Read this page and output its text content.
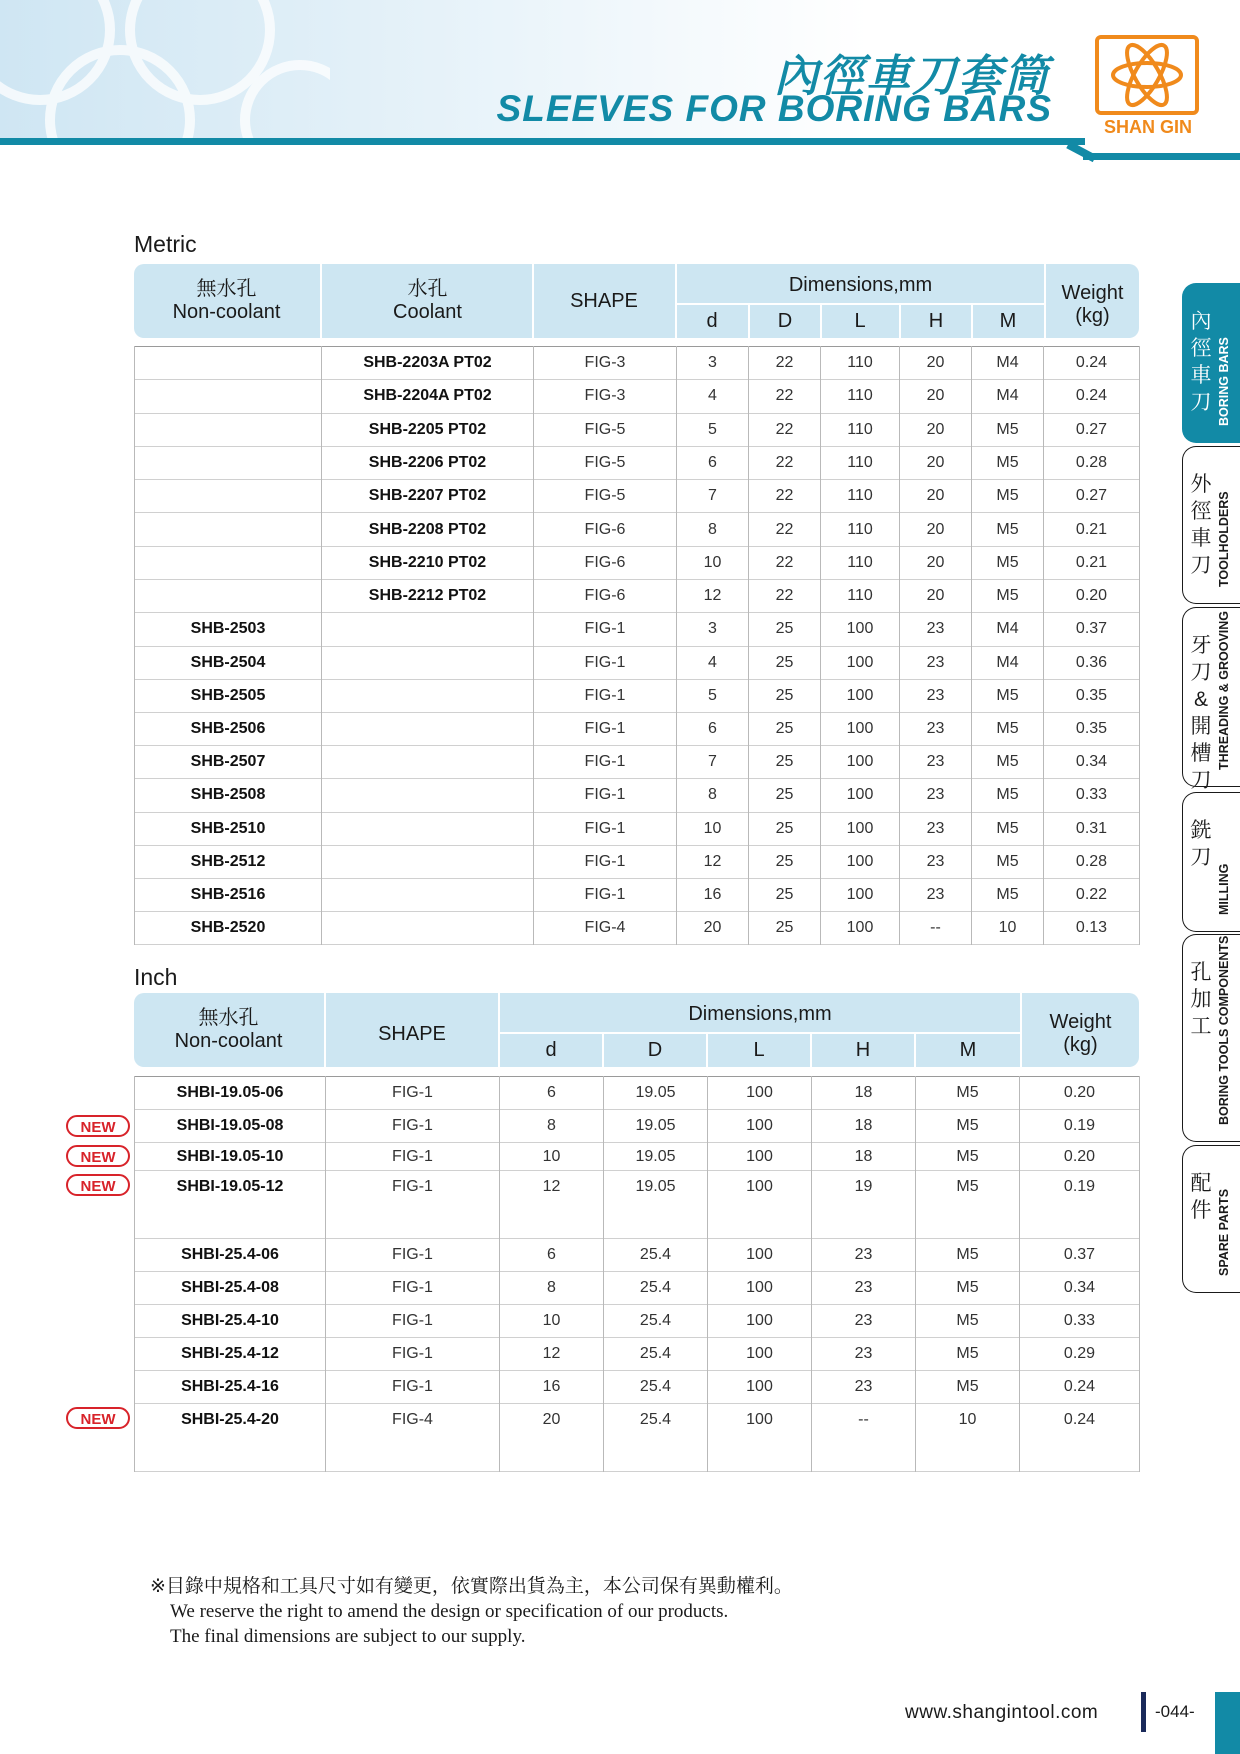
內徑車刀套筒
SLEEVES FOR BORING BARS	SHAN GIN
Metric
無水孔
Non-coolant
水孔
Coolant	SHAPE
Dimensions,mm
d	D	L	H	M
Weight
(kg)
	SHB-2203A PT02	FIG-3	3	22	110	20	M4	0.24
	SHB-2204A PT02	FIG-3	4	22	110	20	M4	0.24
	SHB-2205 PT02	FIG-5	5	22	110	20	M5	0.27
	SHB-2206 PT02	FIG-5	6	22	110	20	M5	0.28
	SHB-2207 PT02	FIG-5	7	22	110	20	M5	0.27
	SHB-2208 PT02	FIG-6	8	22	110	20	M5	0.21
	SHB-2210 PT02	FIG-6	10	22	110	20	M5	0.21
	SHB-2212 PT02	FIG-6	12	22	110	20	M5	0.20
SHB-2503		FIG-1	3	25	100	23	M4	0.37
SHB-2504		FIG-1	4	25	100	23	M4	0.36
SHB-2505		FIG-1	5	25	100	23	M5	0.35
SHB-2506		FIG-1	6	25	100	23	M5	0.35
SHB-2507		FIG-1	7	25	100	23	M5	0.34
SHB-2508		FIG-1	8	25	100	23	M5	0.33
SHB-2510		FIG-1	10	25	100	23	M5	0.31
SHB-2512		FIG-1	12	25	100	23	M5	0.28
SHB-2516		FIG-1	16	25	100	23	M5	0.22
SHB-2520		FIG-4	20	25	100	--	10	0.13
Inch
無水孔
Non-coolant	SHAPE
Dimensions,mm
d	D	L	H	M
Weight
(kg)
SHBI-19.05-06	FIG-1	6	19.05	100	18	M5	0.20
SHBI-19.05-08	FIG-1	8	19.05	100	18	M5	0.19
SHBI-19.05-10	FIG-1	10	19.05	100	18	M5	0.20
SHBI-19.05-12	FIG-1	12	19.05	100	19	M5	0.19
SHBI-25.4-06	FIG-1	6	25.4	100	23	M5	0.37
SHBI-25.4-08	FIG-1	8	25.4	100	23	M5	0.34
SHBI-25.4-10	FIG-1	10	25.4	100	23	M5	0.33
SHBI-25.4-12	FIG-1	12	25.4	100	23	M5	0.29
SHBI-25.4-16	FIG-1	16	25.4	100	23	M5	0.24
SHBI-25.4-20	FIG-4	20	25.4	100	--	10	0.24
NEW
NEW
NEW
NEW
內徑車刀 BORING BARS
外徑車刀 TOOLHOLDERS
牙刀&開槽刀
THREADING & GROOVING
銑刀
MILLING
孔加工 BORING TOOLS COMPONENTS
配件 SPARE PARTS
※目錄中規格和工具尺寸如有變更，依實際出貨為主，本公司保有異動權利。
We reserve the right to amend the design or specification of our products.
The final dimensions are subject to our supply.
www.shangintool.com	-044-
